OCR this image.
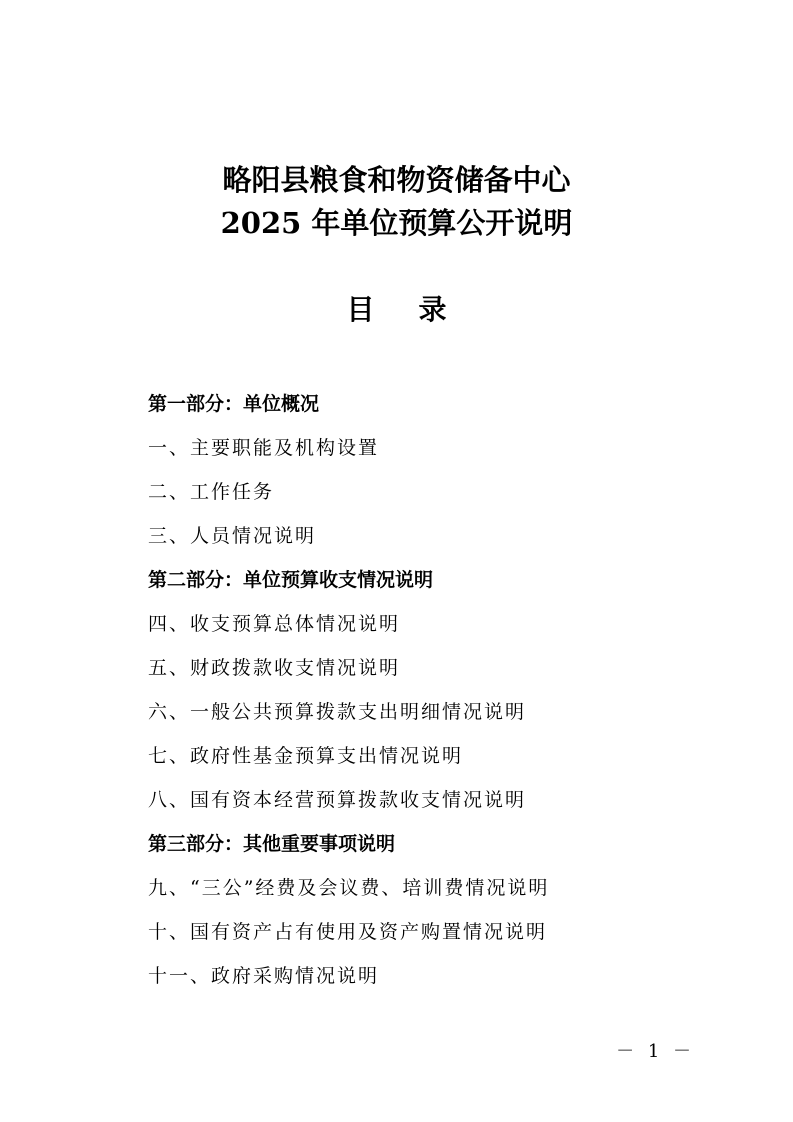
略阳县粮食和物资储备中心
2025 年单位预算公开说明
目 录
第一部分：单位概况
一、主要职能及机构设置
二、工作任务
三、人员情况说明
第二部分：单位预算收支情况说明
四、收支预算总体情况说明
五、财政拨款收支情况说明
六、一般公共预算拨款支出明细情况说明
七、政府性基金预算支出情况说明
八、国有资本经营预算拨款收支情况说明
第三部分：其他重要事项说明
九、“三公”经费及会议费、培训费情况说明
十、国有资产占有使用及资产购置情况说明
十一、政府采购情况说明
－ 1 －
